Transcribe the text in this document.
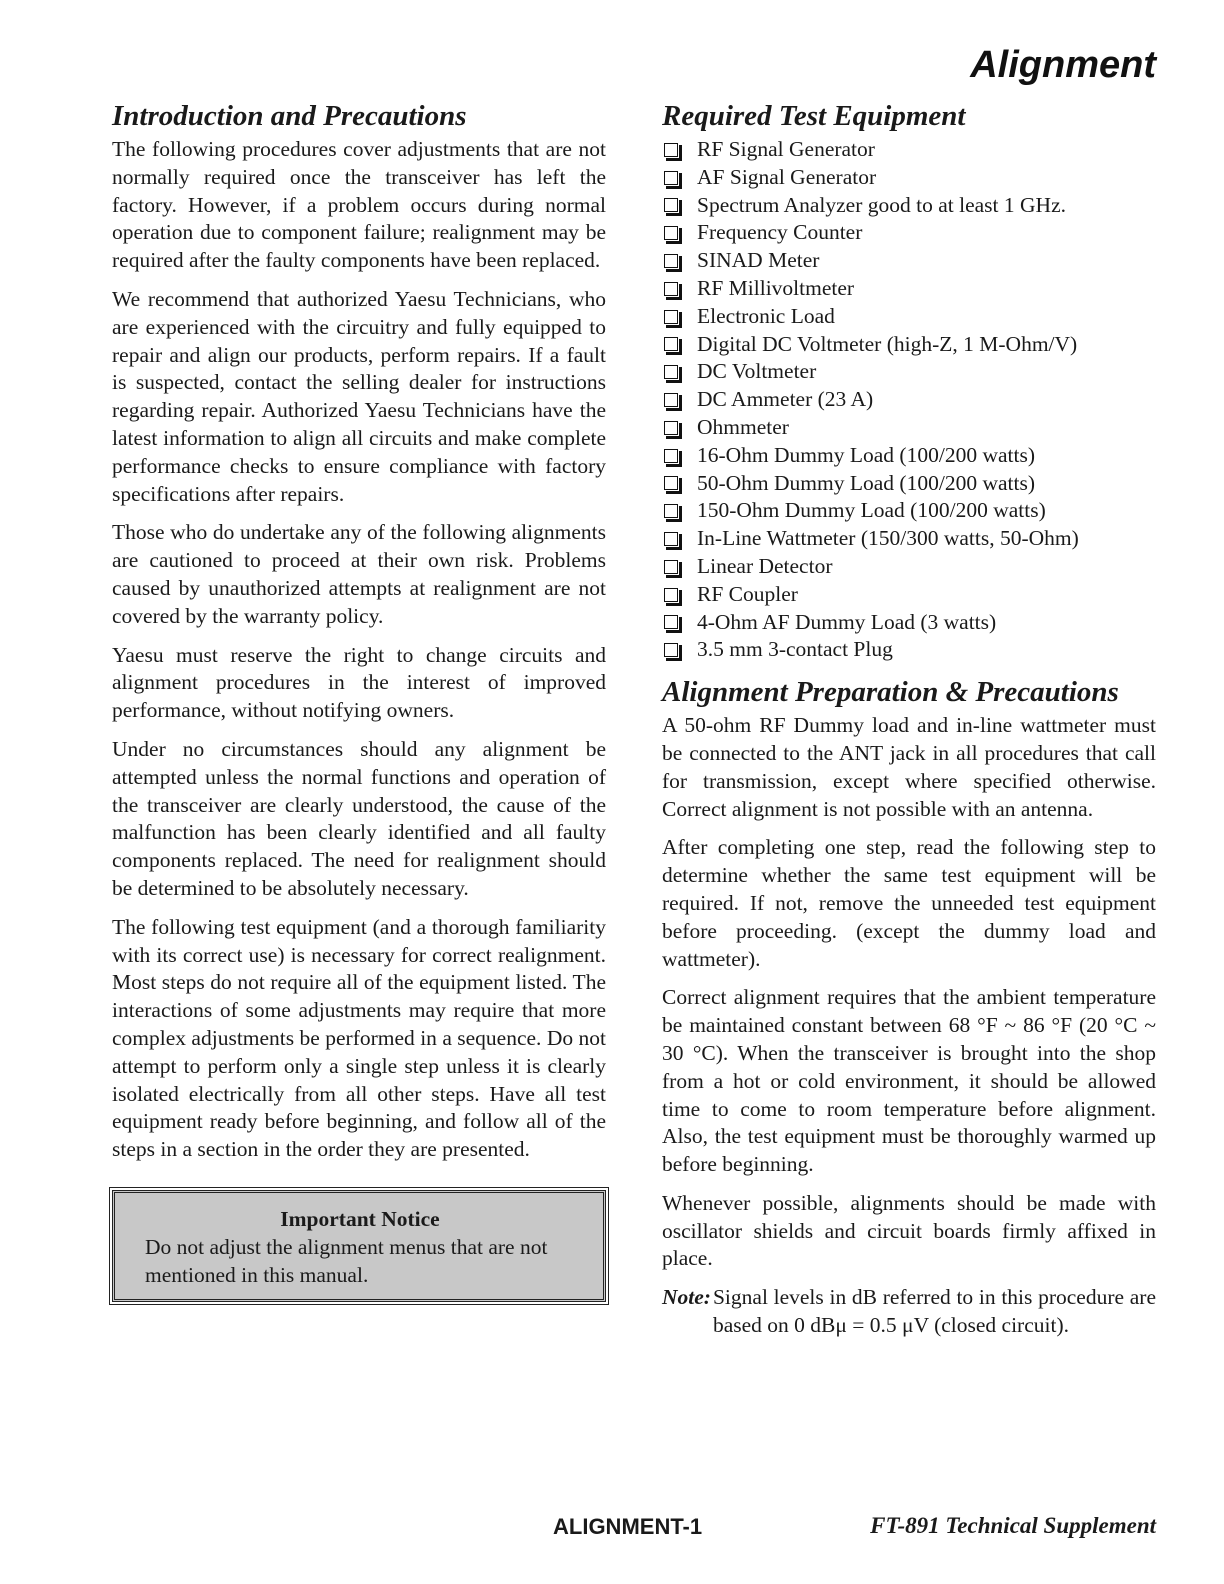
Alignment
Introduction and Precautions

The following procedures cover adjustments that are not normally required once the transceiver has left the factory. However, if a problem occurs during normal operation due to component failure; realignment may be required after the faulty components have been replaced.

We recommend that authorized Yaesu Technicians, who are experienced with the circuitry and fully equipped to repair and align our products, perform repairs. If a fault is suspected, contact the selling dealer for instructions regarding repair. Authorized Yaesu Technicians have the latest information to align all circuits and make complete performance checks to ensure compliance with factory specifications after repairs.

Those who do undertake any of the following alignments are cautioned to proceed at their own risk. Problems caused by unauthorized attempts at realignment are not covered by the warranty policy.

Yaesu must reserve the right to change circuits and alignment procedures in the interest of improved performance, without notifying owners.

Under no circumstances should any alignment be attempted unless the normal functions and operation of the transceiver are clearly understood, the cause of the malfunction has been clearly identified and all faulty components replaced. The need for realignment should be determined to be absolutely necessary.

The following test equipment (and a thorough familiarity with its correct use) is necessary for correct realignment. Most steps do not require all of the equipment listed. The interactions of some adjustments may require that more complex adjustments be performed in a sequence. Do not attempt to perform only a single step unless it is clearly isolated electrically from all other steps. Have all test equipment ready before beginning, and follow all of the steps in a section in the order they are presented.

Important Notice
Do not adjust the alignment menus that are not mentioned in this manual.
Required Test Equipment
RF Signal Generator
AF Signal Generator
Spectrum Analyzer good to at least 1 GHz.
Frequency Counter
SINAD Meter
RF Millivoltmeter
Electronic Load
Digital DC Voltmeter (high-Z, 1 M-Ohm/V)
DC Voltmeter
DC Ammeter (23 A)
Ohmmeter
16-Ohm Dummy Load (100/200 watts)
50-Ohm Dummy Load (100/200 watts)
150-Ohm Dummy Load (100/200 watts)
In-Line Wattmeter (150/300 watts, 50-Ohm)
Linear Detector
RF Coupler
4-Ohm AF Dummy Load (3 watts)
3.5 mm 3-contact Plug
Alignment Preparation & Precautions

A 50-ohm RF Dummy load and in-line wattmeter must be connected to the ANT jack in all procedures that call for transmission, except where specified otherwise. Correct alignment is not possible with an antenna.

After completing one step, read the following step to determine whether the same test equipment will be required. If not, remove the unneeded test equipment before proceeding. (except the dummy load and wattmeter).

Correct alignment requires that the ambient temperature be maintained constant between 68 °F ~ 86 °F (20 °C ~ 30 °C). When the transceiver is brought into the shop from a hot or cold environment, it should be allowed time to come to room temperature before alignment. Also, the test equipment must be thoroughly warmed up before beginning.

Whenever possible, alignments should be made with oscillator shields and circuit boards firmly affixed in place.

Note: Signal levels in dB referred to in this procedure are based on 0 dBμ = 0.5 μV (closed circuit).
ALIGNMENT-1	FT-891 Technical Supplement
